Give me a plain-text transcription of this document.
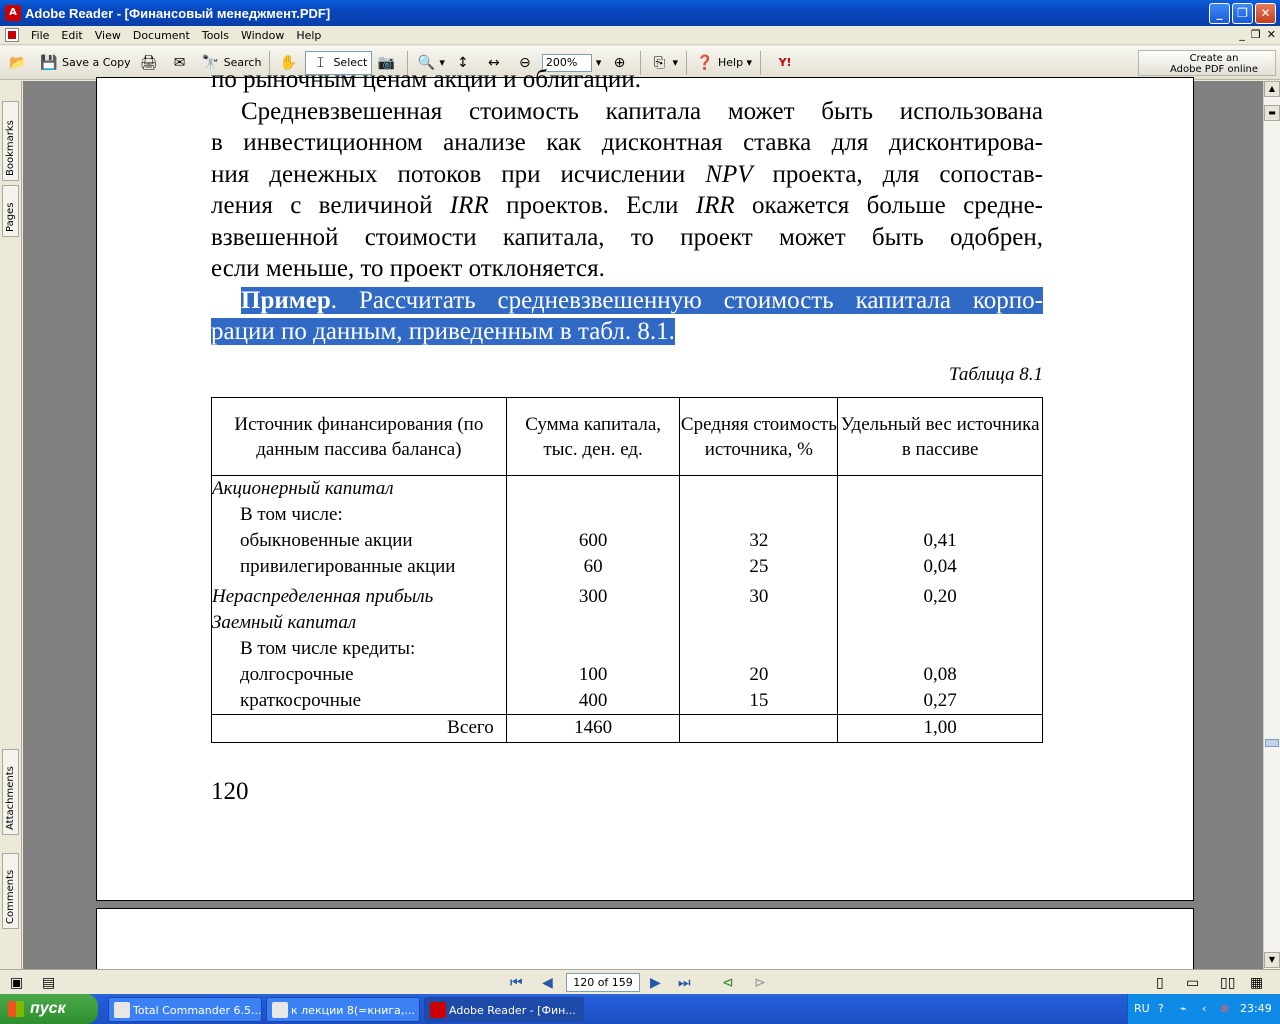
A Adobe Reader - [Финансовый менеджмент.PDF]	_	❐	✕
File	Edit	View	Document	Tools	Window	Help	_ ❐ ✕
📂 💾 Save a Copy 🖨 ✉ 🔭 Search ✋	𝙸 Select 📷 🔍 ▾ ↕ ↔ ⊖	200%	▾ ⊕	⎘ ▾ ❓ Help ▾	Y!	Create an
Adobe PDF online
Bookmarks
Pages
Attachments
Comments
по рыночным ценам акции и облигации.
Средневзвешенная стоимость капитала может быть использована
в инвестиционном анализе как дисконтная ставка для дисконтирова-
ния денежных потоков при исчислении NPV проекта, для сопостав-
ления с величиной IRR проектов. Если IRR окажется больше средне-
взвешенной стоимости капитала, то проект может быть одобрен,
если меньше, то проект отклоняется.
Пример. Рассчитать средневзвешенную стоимость капитала корпо-
рации по данным, приведенным в табл. 8.1.
Таблица 8.1
Источник финансирования (по данным пассива баланса)	Сумма капитала, тыс. ден. ед.	Средняя стоимость источника, %	Удельный вес источника в пассиве
Акционерный капитал			
В том числе:			
обыкновенные акции	600	32	0,41
привилегированные акции	60	25	0,04
Нераспределенная прибыль	300	30	0,20
Заемный капитал			
В том числе кредиты:			
долгосрочные	100	20	0,08
краткосрочные	400	15	0,27
Всего	1460		1,00
120
▲
▬
▼
▣ ▤	⏮ ◀	120 of 159	▶ ⏭ ⊲ ⊳	▯ ▭ ▯▯ ▦
пуск	Total Commander 6.5...	к лекции 8(=книга,...	Adobe Reader - [Фин...	RU ? ⌁ ‹ ⊗ 23:49
